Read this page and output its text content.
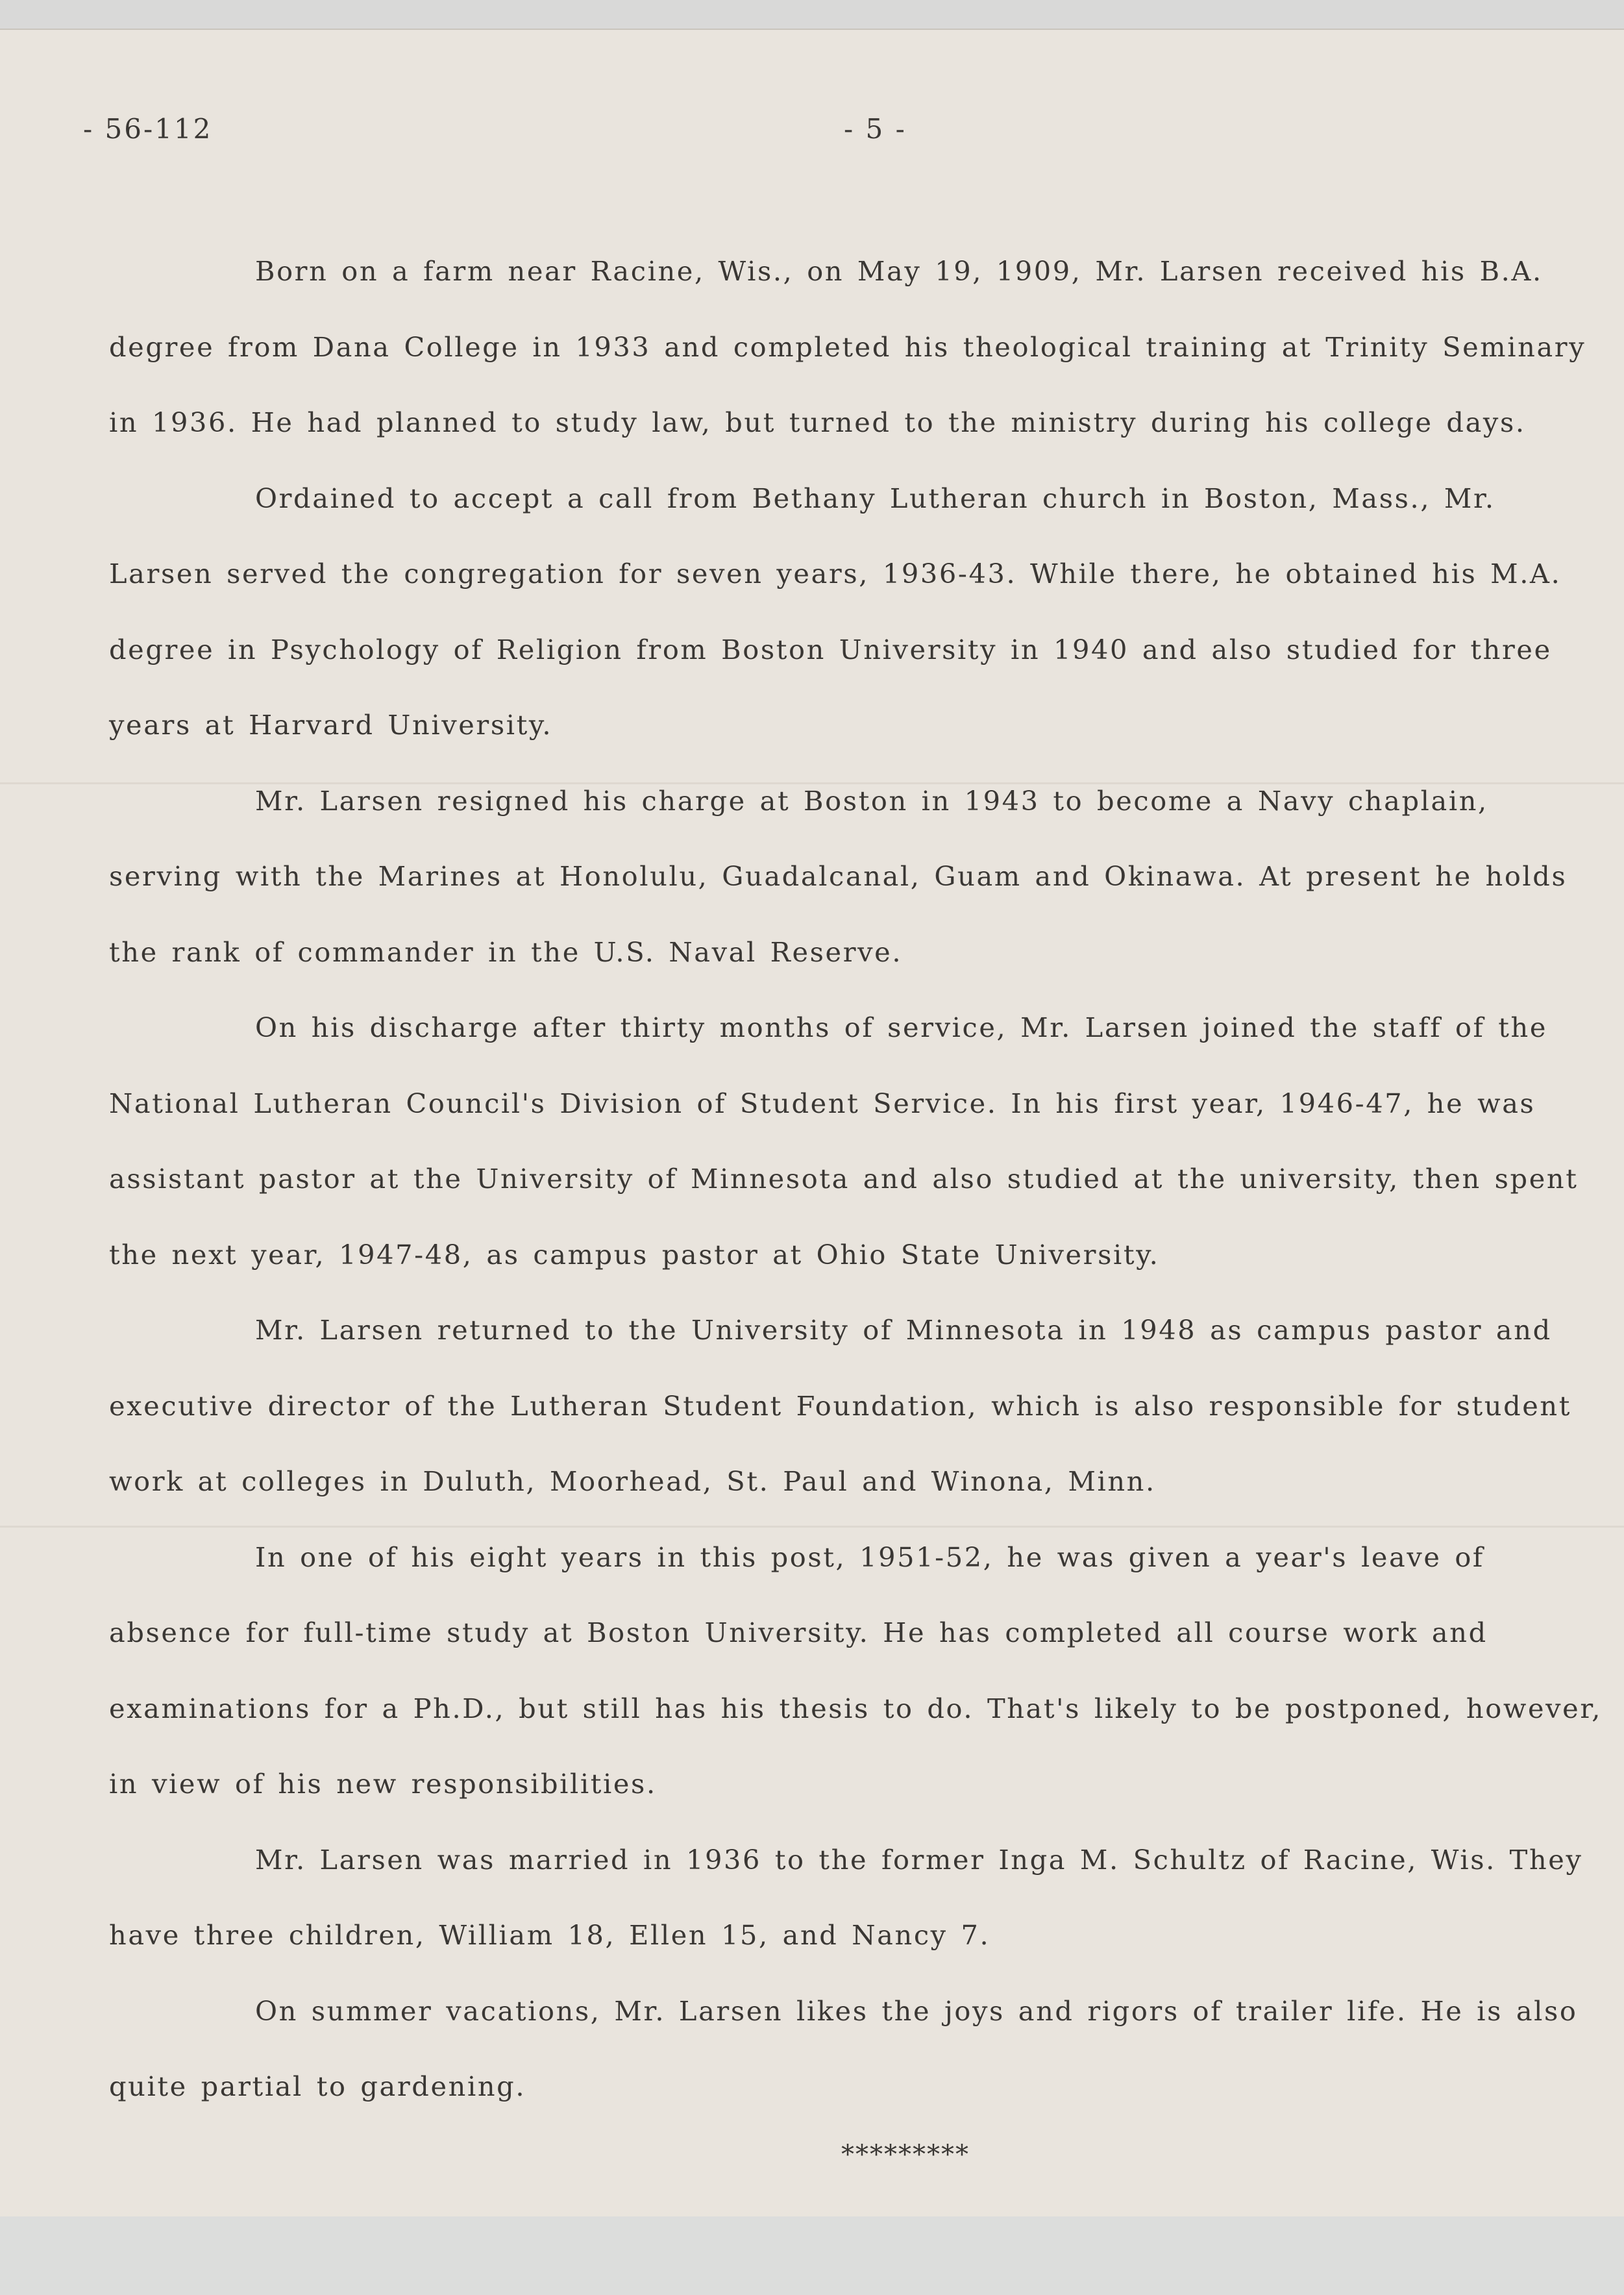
- 56-112	- 5 -

Born on a farm near Racine, Wis., on May 19, 1909, Mr. Larsen received his B.A. degree from Dana College in 1933 and completed his theological training at Trinity Seminary in 1936. He had planned to study law, but turned to the ministry during his college days.

Ordained to accept a call from Bethany Lutheran church in Boston, Mass., Mr. Larsen served the congregation for seven years, 1936-43. While there, he obtained his M.A. degree in Psychology of Religion from Boston University in 1940 and also studied for three years at Harvard University.

Mr. Larsen resigned his charge at Boston in 1943 to become a Navy chaplain, serving with the Marines at Honolulu, Guadalcanal, Guam and Okinawa. At present he holds the rank of commander in the U.S. Naval Reserve.

On his discharge after thirty months of service, Mr. Larsen joined the staff of the National Lutheran Council's Division of Student Service. In his first year, 1946-47, he was assistant pastor at the University of Minnesota and also studied at the university, then spent the next year, 1947-48, as campus pastor at Ohio State University.

Mr. Larsen returned to the University of Minnesota in 1948 as campus pastor and executive director of the Lutheran Student Foundation, which is also responsible for student work at colleges in Duluth, Moorhead, St. Paul and Winona, Minn.

In one of his eight years in this post, 1951-52, he was given a year's leave of absence for full-time study at Boston University. He has completed all course work and examinations for a Ph.D., but still has his thesis to do. That's likely to be postponed, however, in view of his new responsibilities.

Mr. Larsen was married in 1936 to the former Inga M. Schultz of Racine, Wis. They have three children, William 18, Ellen 15, and Nancy 7.

On summer vacations, Mr. Larsen likes the joys and rigors of trailer life. He is also quite partial to gardening.

*********
